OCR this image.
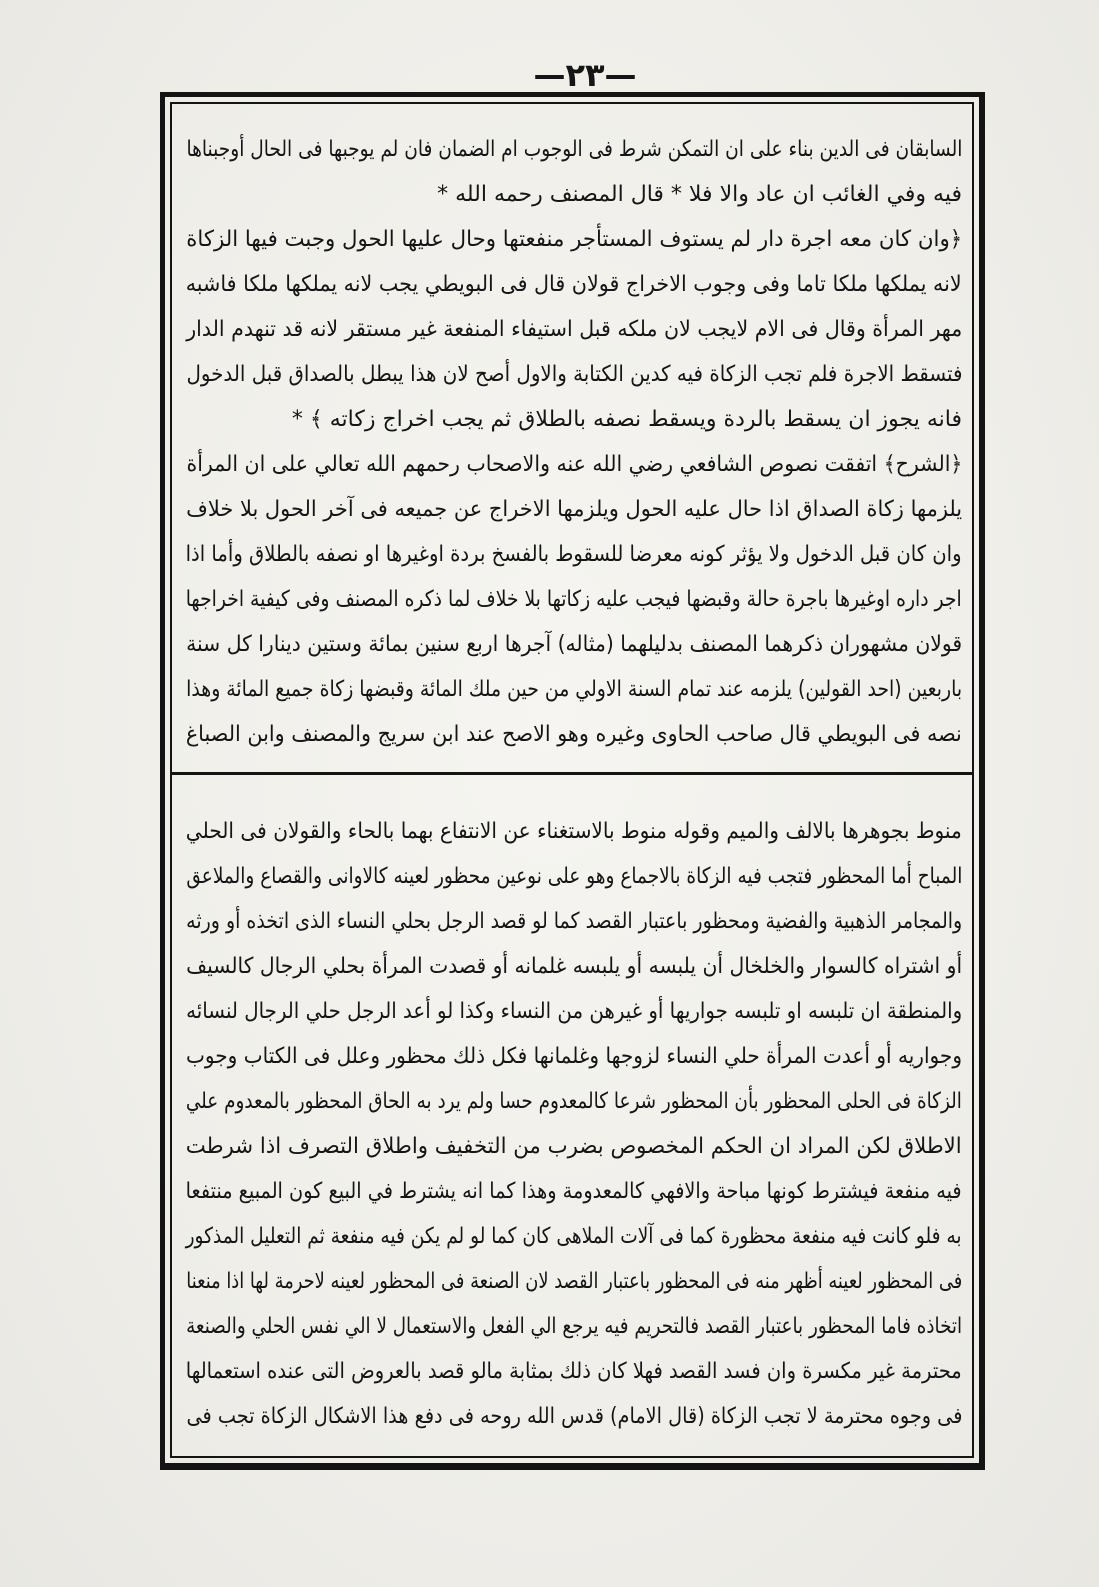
—٢٣—
السابقان فى الدين بناء على ان التمكن شرط فى الوجوب ام الضمان فان لم يوجبها فى الحال أوجبناها
فيه وفي الغائب ان عاد والا فلا * قال المصنف رحمه الله *
﴿وان كان معه اجرة دار لم يستوف المستأجر منفعتها وحال عليها الحول وجبت فيها الزكاة
لانه يملكها ملكا تاما وفى وجوب الاخراج قولان قال فى البويطي يجب لانه يملكها ملكا فاشبه
مهر المرأة وقال فى الام لايجب لان ملكه قبل استيفاء المنفعة غير مستقر لانه قد تنهدم الدار
فتسقط الاجرة فلم تجب الزكاة فيه كدين الكتابة والاول أصح لان هذا يبطل بالصداق قبل الدخول
فانه يجوز ان يسقط بالردة ويسقط نصفه بالطلاق ثم يجب اخراج زكاته ﴾ *
﴿الشرح﴾ اتفقت نصوص الشافعي رضي الله عنه والاصحاب رحمهم الله تعالي على ان المرأة
يلزمها زكاة الصداق اذا حال عليه الحول ويلزمها الاخراج عن جميعه فى آخر الحول بلا خلاف
وان كان قبل الدخول ولا يؤثر كونه معرضا للسقوط بالفسخ بردة اوغيرها او نصفه بالطلاق وأما اذا
اجر داره اوغيرها باجرة حالة وقبضها فيجب عليه زكاتها بلا خلاف لما ذكره المصنف وفى كيفية اخراجها
قولان مشهوران ذكرهما المصنف بدليلهما (مثاله) آجرها اربع سنين بمائة وستين دينارا كل سنة
باربعين (احد القولين) يلزمه عند تمام السنة الاولي من حين ملك المائة وقبضها زكاة جميع المائة وهذا
نصه فى البويطي قال صاحب الحاوى وغيره وهو الاصح عند ابن سريج والمصنف وابن الصباغ
منوط بجوهرها بالالف والميم وقوله منوط بالاستغناء عن الانتفاع بهما بالحاء والقولان فى الحلي
المباح أما المحظور فتجب فيه الزكاة بالاجماع وهو على نوعين محظور لعينه كالاوانى والقصاع والملاعق
والمجامر الذهبية والفضية ومحظور باعتبار القصد كما لو قصد الرجل بحلي النساء الذى اتخذه أو ورثه
أو اشتراه كالسوار والخلخال أن يلبسه أو يلبسه غلمانه أو قصدت المرأة بحلي الرجال كالسيف
والمنطقة ان تلبسه او تلبسه جواريها أو غيرهن من النساء وكذا لو أعد الرجل حلي الرجال لنسائه
وجواريه أو أعدت المرأة حلي النساء لزوجها وغلمانها فكل ذلك محظور وعلل فى الكتاب وجوب
الزكاة فى الحلى المحظور بأن المحظور شرعا كالمعدوم حسا ولم يرد به الحاق المحظور بالمعدوم علي
الاطلاق لكن المراد ان الحكم المخصوص بضرب من التخفيف واطلاق التصرف اذا شرطت
فيه منفعة فيشترط كونها مباحة والافهي كالمعدومة وهذا كما انه يشترط في البيع كون المبيع منتفعا
به فلو كانت فيه منفعة محظورة كما فى آلات الملاهى كان كما لو لم يكن فيه منفعة ثم التعليل المذكور
فى المحظور لعينه أظهر منه فى المحظور باعتبار القصد لان الصنعة فى المحظور لعينه لاحرمة لها اذا منعنا
اتخاذه فاما المحظور باعتبار القصد فالتحريم فيه يرجع الي الفعل والاستعمال لا الي نفس الحلي والصنعة
محترمة غير مكسرة وان فسد القصد فهلا كان ذلك بمثابة مالو قصد بالعروض التى عنده استعمالها
فى وجوه محترمة لا تجب الزكاة (قال الامام) قدس الله روحه فى دفع هذا الاشكال الزكاة تجب فى
